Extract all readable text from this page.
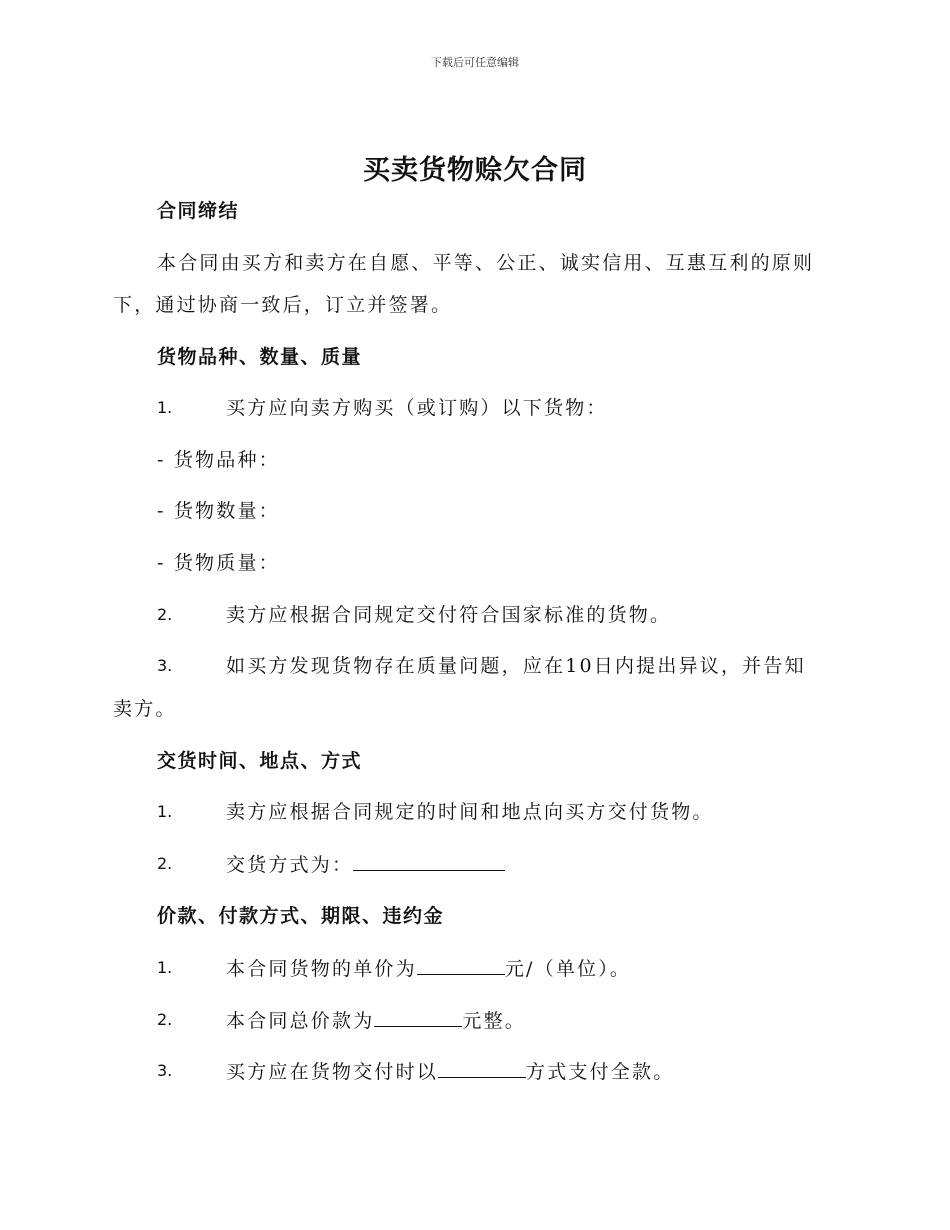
下载后可任意编辑
买卖货物赊欠合同
合同缔结
本合同由买方和卖方在自愿、平等、公正、诚实信用、互惠互利的原则
下，通过协商一致后，订立并签署。
货物品种、数量、质量
1.	买方应向卖方购买（或订购）以下货物：
- 货物品种：
- 货物数量：
- 货物质量：
2.	卖方应根据合同规定交付符合国家标准的货物。
3.	如买方发现货物存在质量问题，应在10日内提出异议，并告知
卖方。
交货时间、地点、方式
1.	卖方应根据合同规定的时间和地点向买方交付货物。
2.	交货方式为：
价款、付款方式、期限、违约金
1.	本合同货物的单价为	元/（单位）。
2.	本合同总价款为	元整。
3.	买方应在货物交付时以	方式支付全款。
